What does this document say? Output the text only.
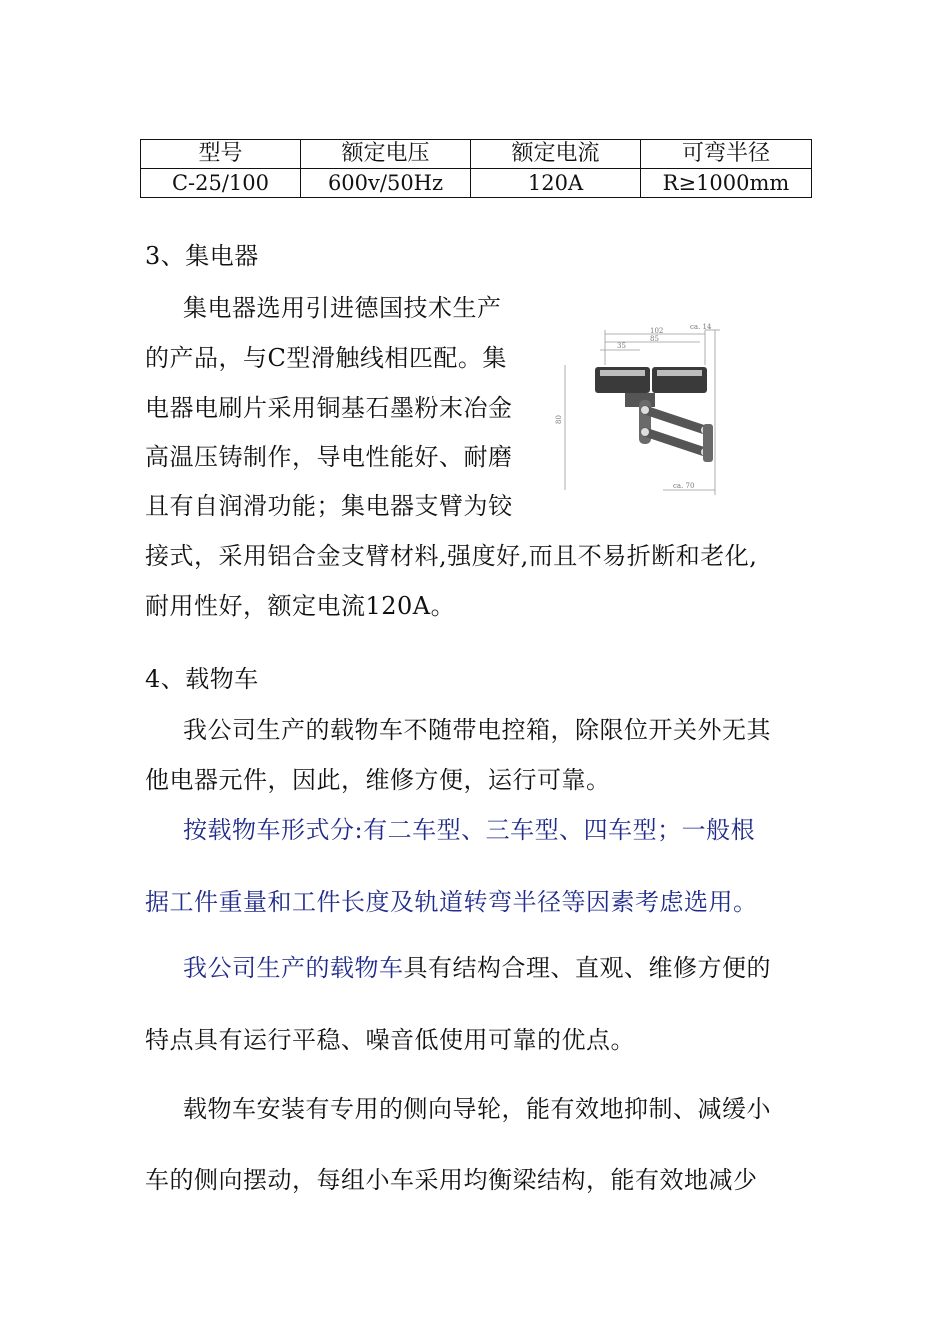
型号	额定电压	额定电流	可弯半径
C-25/100	600v/50Hz	120A	R≥1000mm
3、集电器
集电器选用引进德国技术生产
的产品，与C型滑触线相匹配。集
电器电刷片采用铜基石墨粉末冶金
高温压铸制作，导电性能好、耐磨
且有自润滑功能；集电器支臂为铰
接式，采用铝合金支臂材料,强度好,而且不易折断和老化,
耐用性好，额定电流120A。
102
85
35
ca. 14
80
ca. 70
4、载物车
我公司生产的载物车不随带电控箱，除限位开关外无其
他电器元件，因此，维修方便，运行可靠。
按载物车形式分:有二车型、三车型、四车型；一般根
据工件重量和工件长度及轨道转弯半径等因素考虑选用。
我公司生产的载物车具有结构合理、直观、维修方便的
特点具有运行平稳、噪音低使用可靠的优点。
载物车安装有专用的侧向导轮，能有效地抑制、减缓小
车的侧向摆动，每组小车采用均衡梁结构，能有效地减少
